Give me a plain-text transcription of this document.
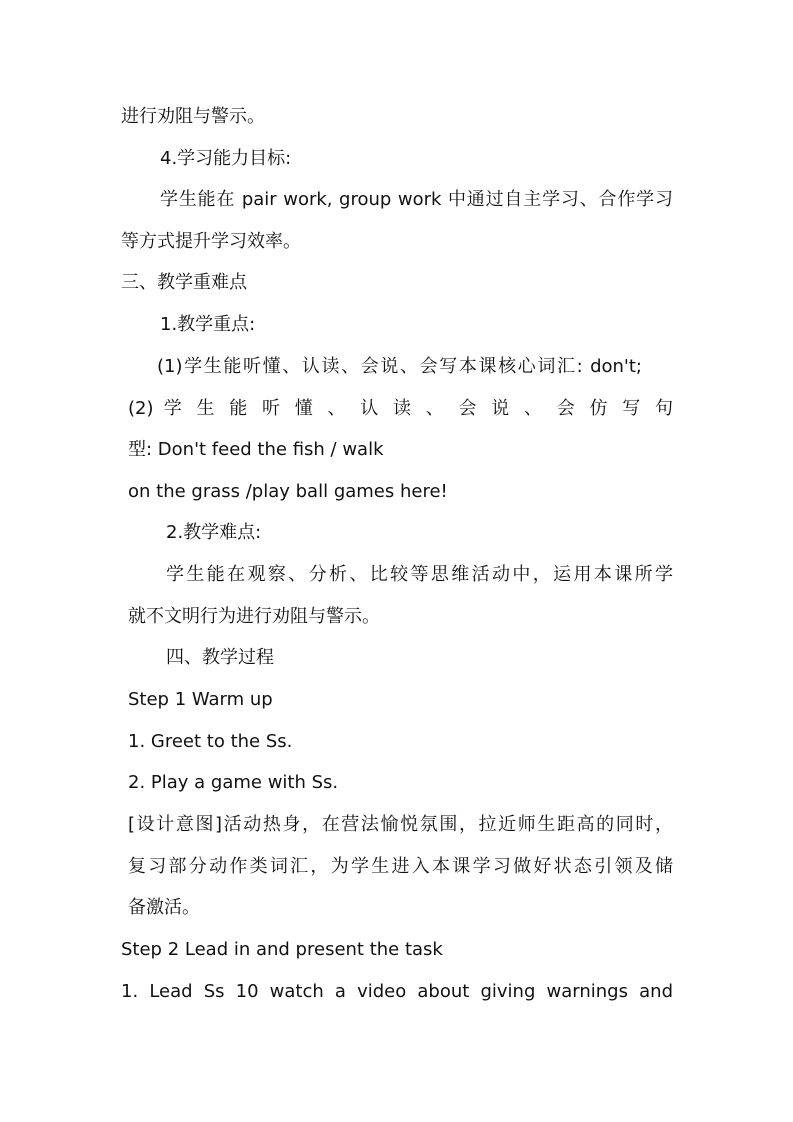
进行劝阻与警示。
4.学习能力目标:
学生能在 pair work, group work 中通过自主学习、合作学习
等方式提升学习效率。
三、教学重难点
1.教学重点:
(1)学生能听懂、认读、会说、会写本课核心词汇: don't;
(2) 学 生 能 听 懂 、 认 读 、 会 说 、 会 仿 写 句
型: Don't feed the fish / walk
on the grass /play ball games here!
2.教学难点:
学生能在观察、分析、比较等思维活动中，运用本课所学
就不文明行为进行劝阻与警示。
四、教学过程
Step 1 Warm up
1. Greet to the Ss.
2. Play a game with Ss.
[设计意图]活动热身，在营法愉悦氛围，拉近师生距高的同时，
复习部分动作类词汇，为学生进入本课学习做好状态引领及储
备激活。
Step 2 Lead in and present the task
1. Lead Ss 10 watch a video about giving warnings and
